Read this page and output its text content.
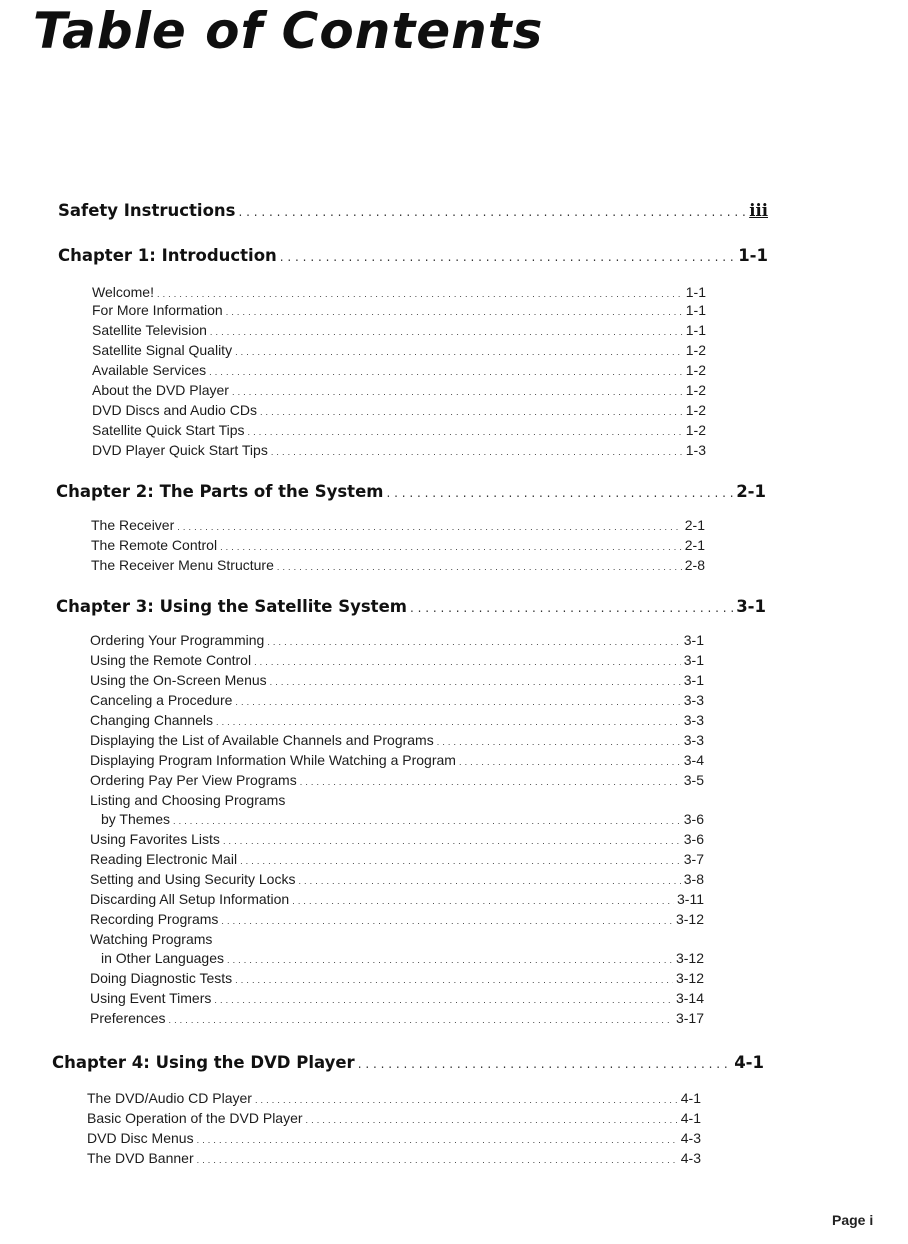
Table of Contents
Safety Instructions . . .	iii
Chapter 1: Introduction . . .	1-1
Welcome! . . .	1-1
For More Information . . .	1-1
Satellite Television . . .	1-1
Satellite Signal Quality . . .	1-2
Available Services . . .	1-2
About the DVD Player . . .	1-2
DVD Discs and Audio CDs . . .	1-2
Satellite Quick Start Tips . . .	1-2
DVD Player Quick Start Tips . . .	1-3
Chapter 2: The Parts of the System . . .	2-1
The Receiver . . .	2-1
The Remote Control . . .	2-1
The Receiver Menu Structure . . .	2-8
Chapter 3: Using the Satellite System . . .	3-1
Ordering Your Programming . . .	3-1
Using the Remote Control . . .	3-1
Using the On-Screen Menus . . .	3-1
Canceling a Procedure . . .	3-3
Changing Channels . . .	3-3
Displaying the List of Available Channels and Programs . . .	3-3
Displaying Program Information While Watching a Program . . .	3-4
Ordering Pay Per View Programs . . .	3-5
Listing and Choosing Programs
by Themes . . .	3-6
Using Favorites Lists . . .	3-6
Reading Electronic Mail . . .	3-7
Setting and Using Security Locks . . .	3-8
Discarding All Setup Information . . .	3-11
Recording Programs . . .	3-12
Watching Programs
in Other Languages . . .	3-12
Doing Diagnostic Tests . . .	3-12
Using Event Timers . . .	3-14
Preferences . . .	3-17
Chapter 4: Using the DVD Player . . .	4-1
The DVD/Audio CD Player . . .	4-1
Basic Operation of the DVD Player . . .	4-1
DVD Disc Menus . . .	4-3
The DVD Banner . . .	4-3
Page i
